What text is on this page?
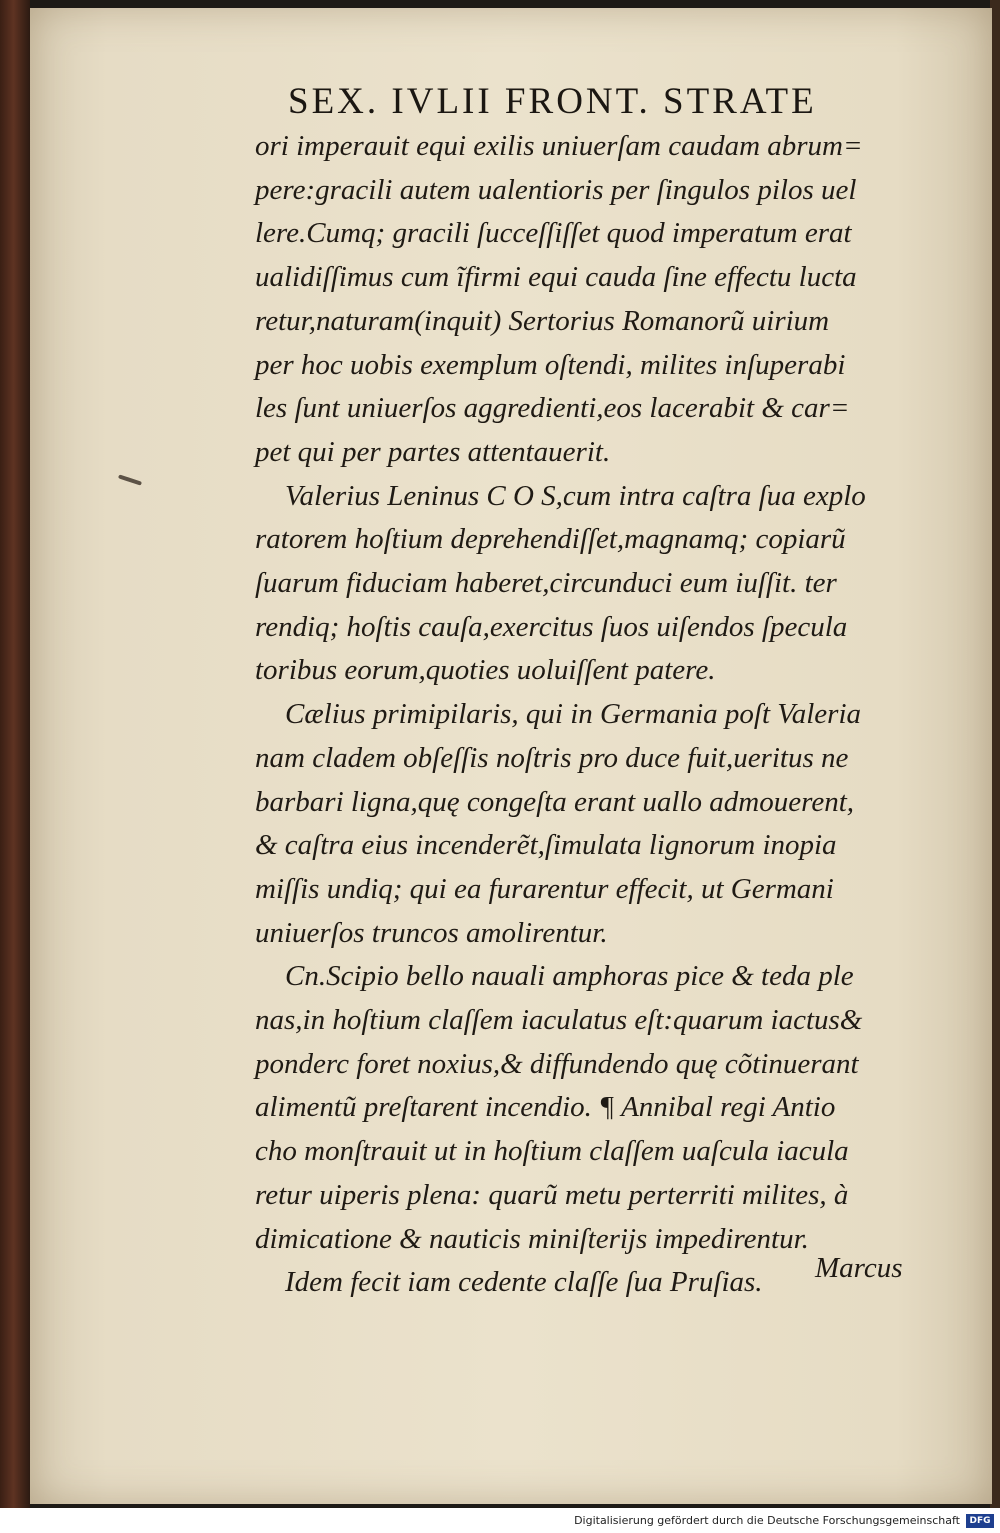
SEX. IVLII FRONT. STRATE
ori imperauit equi exilis uniuerſam caudam abrum=
pere:gracili autem ualentioris per ſingulos pilos uel
lere.Cumq; gracili ſucceſſiſſet quod imperatum erat
ualidiſſimus cum ĩfirmi equi cauda ſine effectu lucta
retur,naturam(inquit) Sertorius Romanorũ uirium
per hoc uobis exemplum oſtendi, milites inſuperabi
les ſunt uniuerſos aggredienti,eos lacerabit & car=
pet qui per partes attentauerit.
Valerius Leninus C O S,cum intra caſtra ſua explo
ratorem hoſtium deprehendiſſet,magnamq; copiarũ
ſuarum fiduciam haberet,circunduci eum iuſſit. ter
rendiq; hoſtis cauſa,exercitus ſuos uiſendos ſpecula
toribus eorum,quoties uoluiſſent patere.
Cælius primipilaris, qui in Germania poſt Valeria
nam cladem obſeſſis noſtris pro duce fuit,ueritus ne
barbari ligna,quę congeſta erant uallo admouerent,
& caſtra eius incenderẽt,ſimulata lignorum inopia
miſſis undiq; qui ea furarentur effecit, ut Germani
uniuerſos truncos amolirentur.
Cn.Scipio bello nauali amphoras pice & teda ple
nas,in hoſtium claſſem iaculatus eſt:quarum iactus&
ponderc foret noxius,& diffundendo quę cõtinuerant
alimentũ preſtarent incendio. ¶ Annibal regi Antio
cho monſtrauit ut in hoſtium claſſem uaſcula iacula
retur uiperis plena: quarũ metu perterriti milites, à
dimicatione & nauticis miniſterijs impedirentur.
Idem fecit iam cedente claſſe ſua Pruſias.	Marcus
Digitalisierung gefördert durch die Deutsche Forschungsgemeinschaft	DFG
